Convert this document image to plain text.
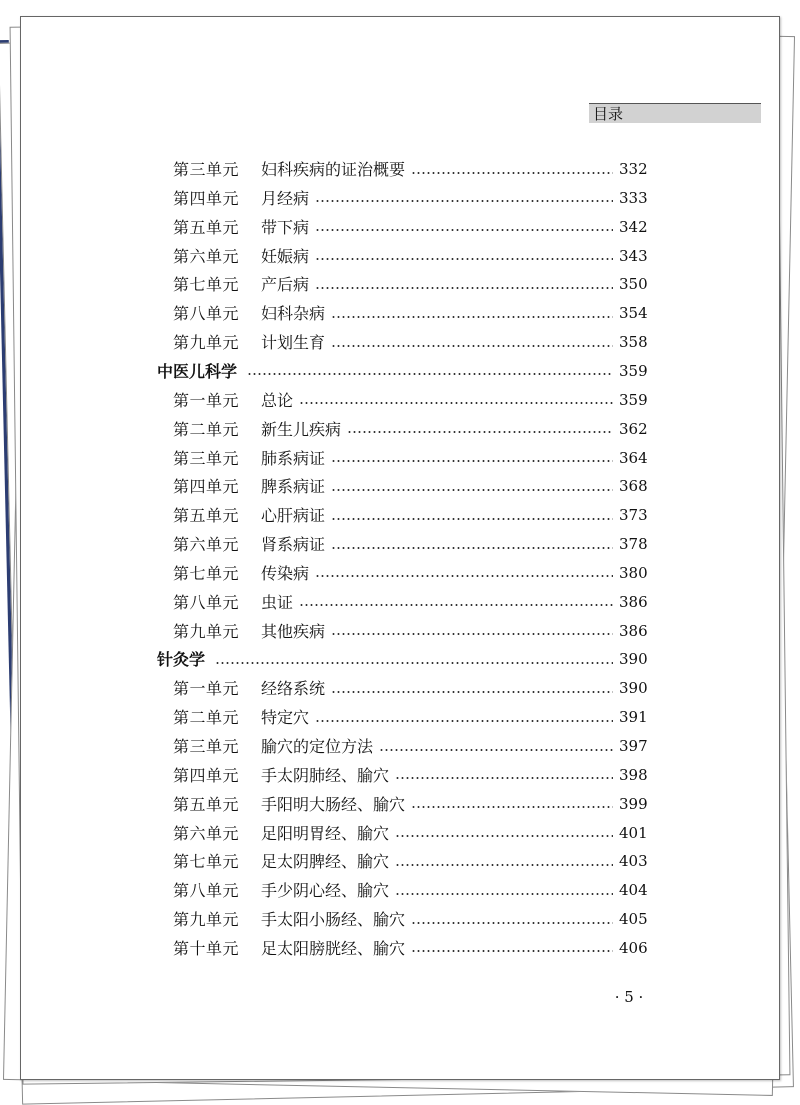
目录
第三单元	妇科疾病的证治概要	332
第四单元	月经病	333
第五单元	带下病	342
第六单元	妊娠病	343
第七单元	产后病	350
第八单元	妇科杂病	354
第九单元	计划生育	358
中医儿科学	359
第一单元	总论	359
第二单元	新生儿疾病	362
第三单元	肺系病证	364
第四单元	脾系病证	368
第五单元	心肝病证	373
第六单元	肾系病证	378
第七单元	传染病	380
第八单元	虫证	386
第九单元	其他疾病	386
针灸学	390
第一单元	经络系统	390
第二单元	特定穴	391
第三单元	腧穴的定位方法	397
第四单元	手太阴肺经、腧穴	398
第五单元	手阳明大肠经、腧穴	399
第六单元	足阳明胃经、腧穴	401
第七单元	足太阴脾经、腧穴	403
第八单元	手少阴心经、腧穴	404
第九单元	手太阳小肠经、腧穴	405
第十单元	足太阳膀胱经、腧穴	406
· 5 ·
